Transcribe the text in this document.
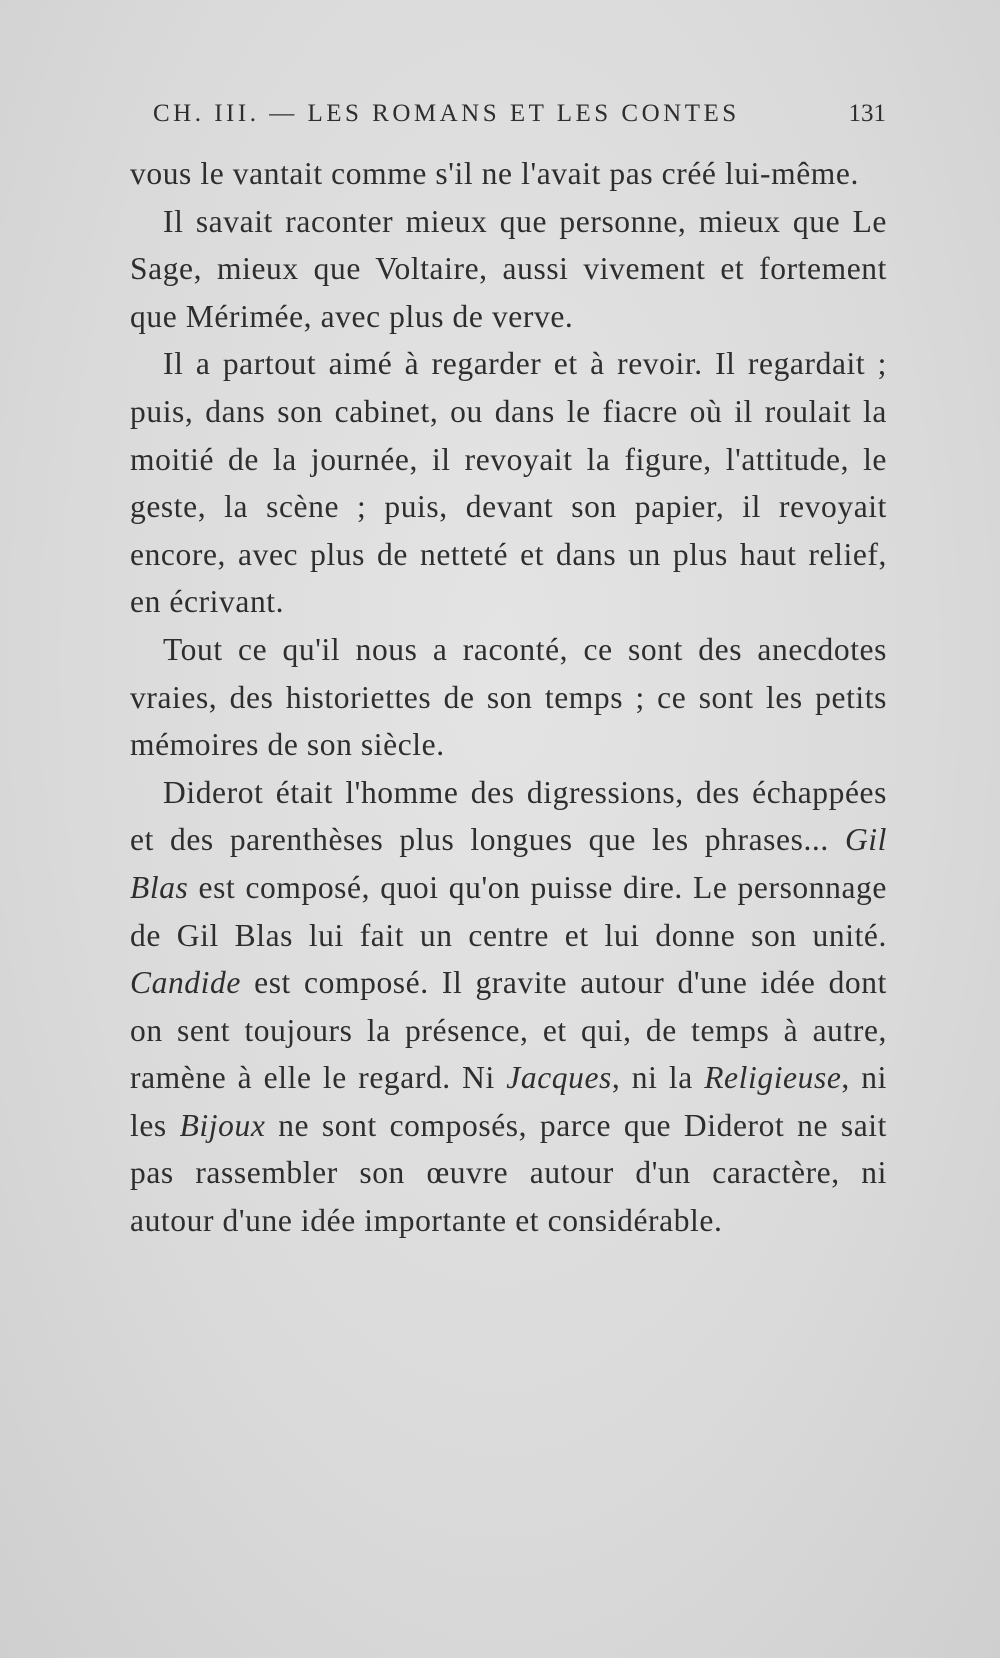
CH. III. — LES ROMANS ET LES CONTES	131

vous le vantait comme s'il ne l'avait pas créé lui-même.

Il savait raconter mieux que personne, mieux que Le Sage, mieux que Voltaire, aussi vivement et fortement que Mérimée, avec plus de verve.

Il a partout aimé à regarder et à revoir. Il regardait ; puis, dans son cabinet, ou dans le fiacre où il roulait la moitié de la journée, il revoyait la figure, l'attitude, le geste, la scène ; puis, devant son papier, il revoyait encore, avec plus de netteté et dans un plus haut relief, en écrivant.

Tout ce qu'il nous a raconté, ce sont des anecdotes vraies, des historiettes de son temps ; ce sont les petits mémoires de son siècle.

Diderot était l'homme des digressions, des échappées et des parenthèses plus longues que les phrases... Gil Blas est composé, quoi qu'on puisse dire. Le personnage de Gil Blas lui fait un centre et lui donne son unité. Candide est composé. Il gravite autour d'une idée dont on sent toujours la présence, et qui, de temps à autre, ramène à elle le regard. Ni Jacques, ni la Religieuse, ni les Bijoux ne sont composés, parce que Diderot ne sait pas rassembler son œuvre autour d'un caractère, ni autour d'une idée importante et considérable.
